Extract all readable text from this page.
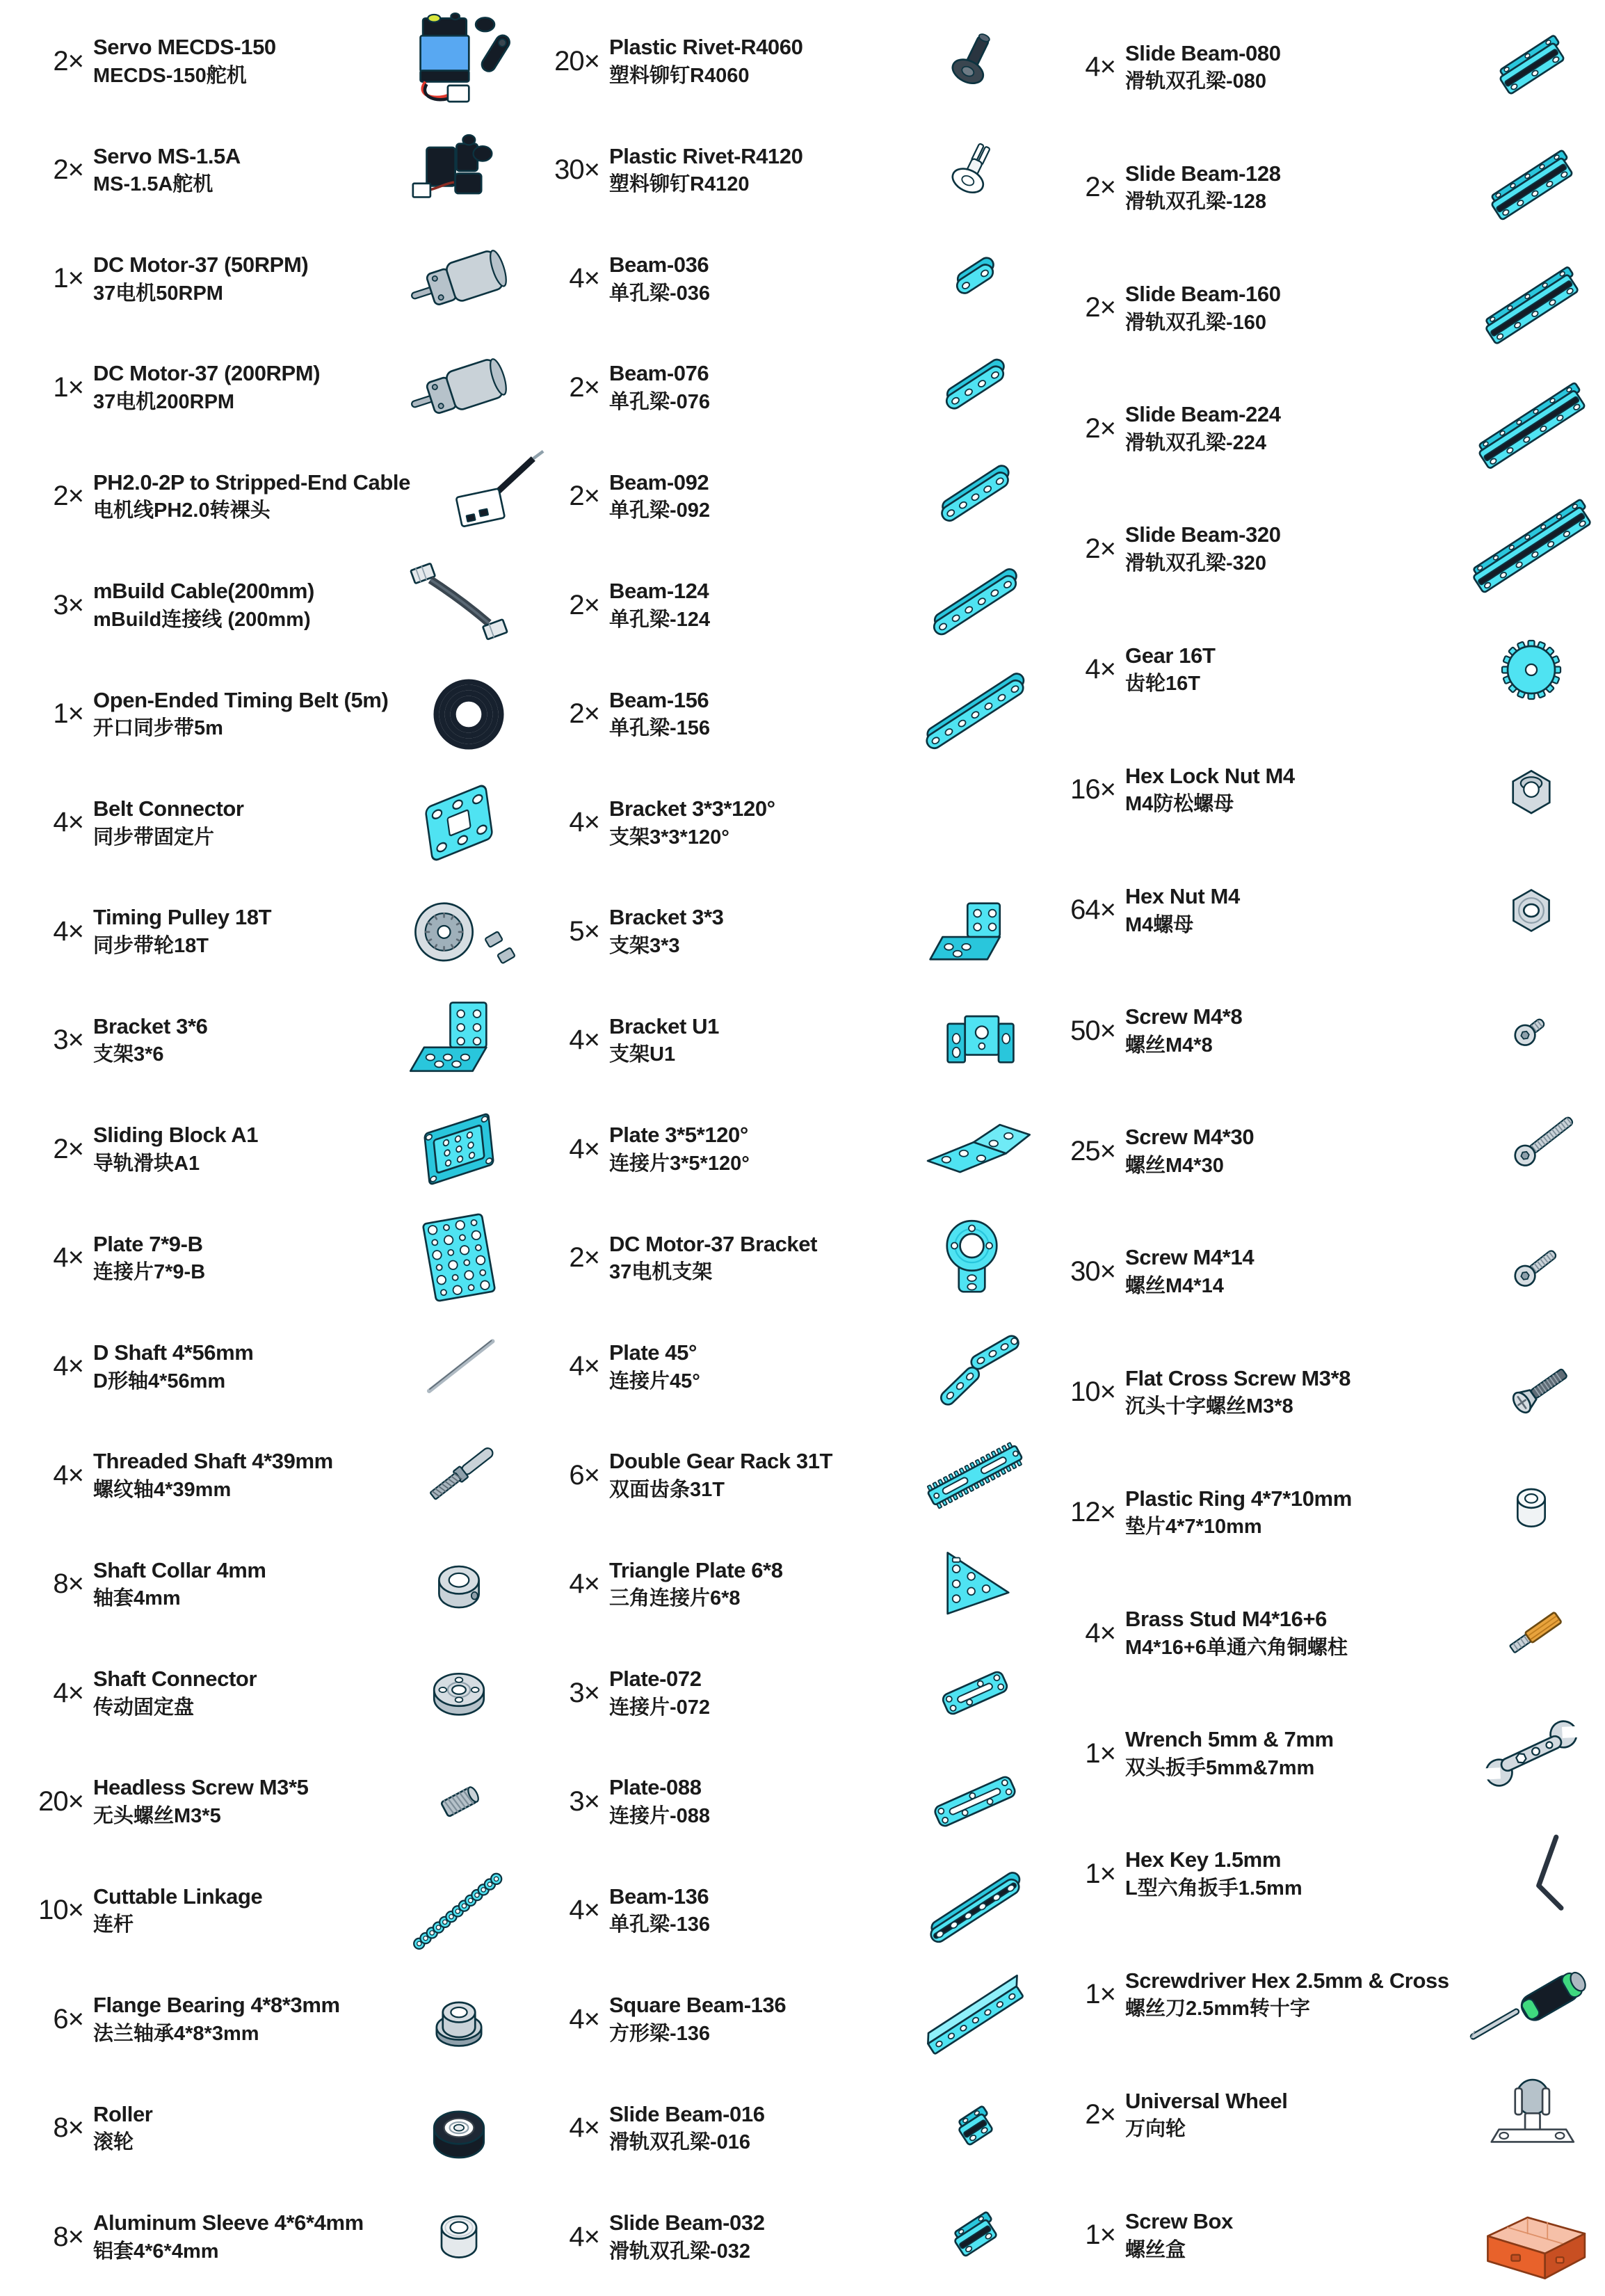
2× Servo MECDS-150
MECDS-150舵机
2× Servo MS-1.5A
MS-1.5A舵机
1× DC Motor-37 (50RPM)
37电机50RPM
1× DC Motor-37 (200RPM)
37电机200RPM
2× PH2.0-2P to Stripped-End Cable
电机线PH2.0转裸头
3× mBuild Cable(200mm)
mBuild连接线 (200mm)
1× Open-Ended Timing Belt (5m)
开口同步带5m
4× Belt Connector
同步带固定片
4× Timing Pulley 18T
同步带轮18T
3× Bracket 3*6
支架3*6
2× Sliding Block A1
导轨滑块A1
4× Plate 7*9-B
连接片7*9-B
4× D Shaft 4*56mm
D形轴4*56mm
4× Threaded Shaft 4*39mm
螺纹轴4*39mm
8× Shaft Collar 4mm
轴套4mm
4× Shaft Connector
传动固定盘
20× Headless Screw M3*5
无头螺丝M3*5
10× Cuttable Linkage
连杆
6× Flange Bearing 4*8*3mm
法兰轴承4*8*3mm
8× Roller
滚轮
8× Aluminum Sleeve 4*6*4mm
铝套4*6*4mm
20× Plastic Rivet-R4060
塑料铆钉R4060
30× Plastic Rivet-R4120
塑料铆钉R4120
4× Beam-036
单孔梁-036
2× Beam-076
单孔梁-076
2× Beam-092
单孔梁-092
2× Beam-124
单孔梁-124
2× Beam-156
单孔梁-156
4× Bracket 3*3*120°
支架3*3*120°
5× Bracket 3*3
支架3*3
4× Bracket U1
支架U1
4× Plate 3*5*120°
连接片3*5*120°
2× DC Motor-37 Bracket
37电机支架
4× Plate 45°
连接片45°
6× Double Gear Rack 31T
双面齿条31T
4× Triangle Plate 6*8
三角连接片6*8
3× Plate-072
连接片-072
3× Plate-088
连接片-088
4× Beam-136
单孔梁-136
4× Square Beam-136
方形梁-136
4× Slide Beam-016
滑轨双孔梁-016
4× Slide Beam-032
滑轨双孔梁-032
4× Slide Beam-080
滑轨双孔梁-080
2× Slide Beam-128
滑轨双孔梁-128
2× Slide Beam-160
滑轨双孔梁-160
2× Slide Beam-224
滑轨双孔梁-224
2× Slide Beam-320
滑轨双孔梁-320
4× Gear 16T
齿轮16T
16× Hex Lock Nut M4
M4防松螺母
64× Hex Nut M4
M4螺母
50× Screw M4*8
螺丝M4*8
25× Screw M4*30
螺丝M4*30
30× Screw M4*14
螺丝M4*14
10× Flat Cross Screw M3*8
沉头十字螺丝M3*8
12× Plastic Ring 4*7*10mm
垫片4*7*10mm
4× Brass Stud M4*16+6
M4*16+6单通六角铜螺柱
1× Wrench 5mm & 7mm
双头扳手5mm&7mm
1× Hex Key 1.5mm
L型六角扳手1.5mm
1× Screwdriver Hex 2.5mm & Cross
螺丝刀2.5mm转十字
2× Universal Wheel
万向轮
1× Screw Box
螺丝盒
